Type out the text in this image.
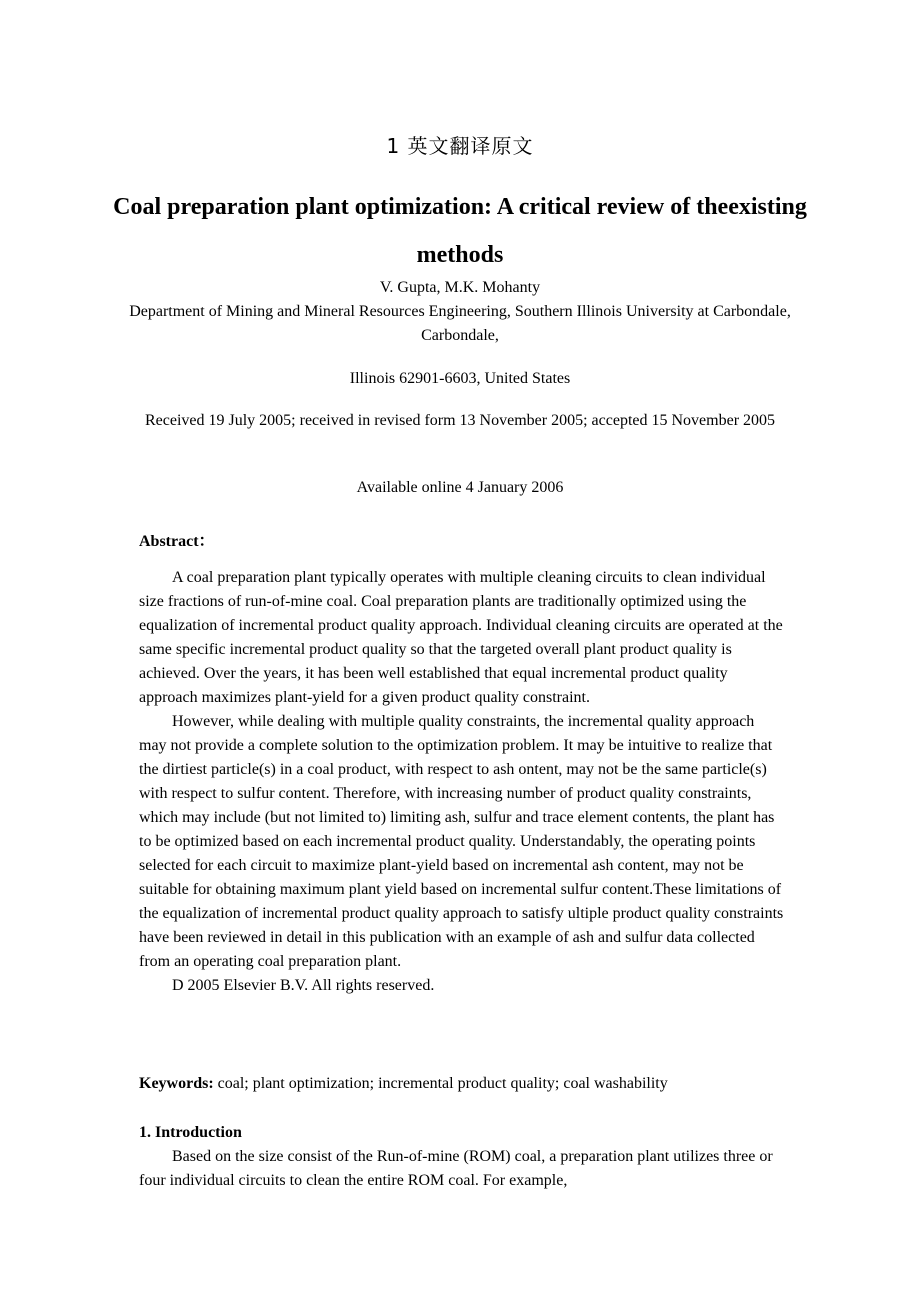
1 英文翻译原文
Coal preparation plant optimization: A critical review of theexisting methods
V. Gupta, M.K. Mohanty
Department of Mining and Mineral Resources Engineering, Southern Illinois University at Carbondale, Carbondale,
Illinois 62901-6603, United States
Received 19 July 2005; received in revised form 13 November 2005; accepted 15 November 2005
Available online 4 January 2006
Abstract：

A coal preparation plant typically operates with multiple cleaning circuits to clean individual size fractions of run-of-mine coal. Coal preparation plants are traditionally optimized using the equalization of incremental product quality approach. Individual cleaning circuits are operated at the same specific incremental product quality so that the targeted overall plant product quality is achieved. Over the years, it has been well established that equal incremental product quality approach maximizes plant-yield for a given product quality constraint.

However, while dealing with multiple quality constraints, the incremental quality approach may not provide a complete solution to the optimization problem. It may be intuitive to realize that the dirtiest particle(s) in a coal product, with respect to ash ontent, may not be the same particle(s) with respect to sulfur content. Therefore, with increasing number of product quality constraints, which may include (but not limited to) limiting ash, sulfur and trace element contents, the plant has to be optimized based on each incremental product quality. Understandably, the operating points selected for each circuit to maximize plant-yield based on incremental ash content, may not be suitable for obtaining maximum plant yield based on incremental sulfur content.These limitations of the equalization of incremental product quality approach to satisfy ultiple product quality constraints have been reviewed in detail in this publication with an example of ash and sulfur data collected from an operating coal preparation plant.

D 2005 Elsevier B.V. All rights reserved.

Keywords: coal; plant optimization; incremental product quality; coal washability
1. Introduction

Based on the size consist of the Run-of-mine (ROM) coal, a preparation plant utilizes three or four individual circuits to clean the entire ROM coal. For example,
